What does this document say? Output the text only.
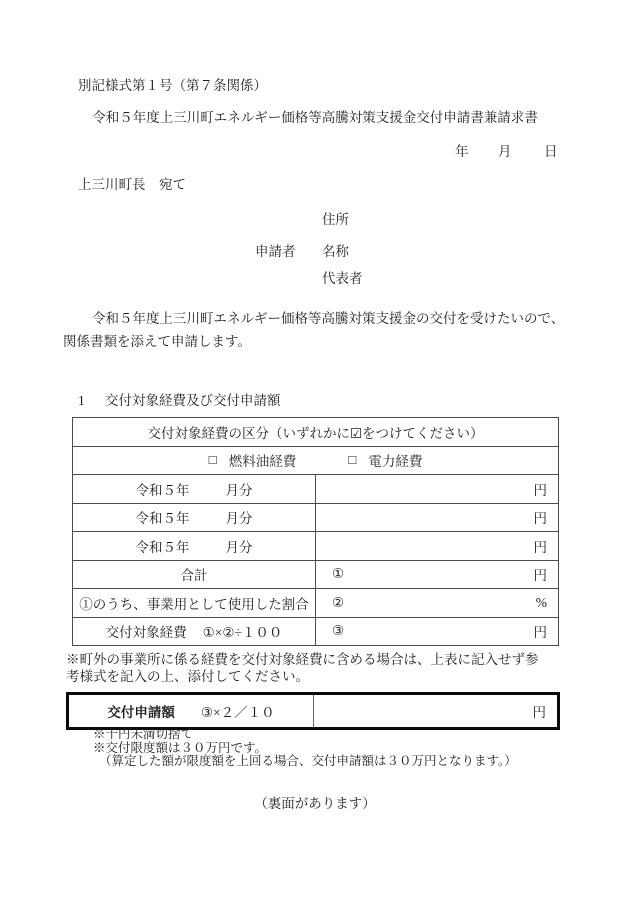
別記様式第１号（第７条関係）
令和５年度上三川町エネルギー価格等高騰対策支援金交付申請書兼請求書
年 月 日
上三川町長　宛て
申請者
住所
名称
代表者
令和５年度上三川町エネルギー価格等高騰対策支援金の交付を受けたいので、
関係書類を添えて申請します。
1 交付対象経費及び交付申請額
交付対象経費の区分（いずれかに☑をつけてください）	

□ 燃料油経費 □ 電力経費	

令和５年 月分	円

令和５年 月分	円

令和５年 月分	円

合計	① 円

①のうち、事業用として使用した割合	② %

交付対象経費 ①×②÷１００	③ 円
※町外の事業所に係る経費を交付対象経費に含める場合は、上表に記入せず参
考様式を記入の上、添付してください。
交付申請額 ③×２／１０	円
※千円未満切捨て
※交付限度額は３０万円です。
（算定した額が限度額を上回る場合、交付申請額は３０万円となります。）
（裏面があります）
